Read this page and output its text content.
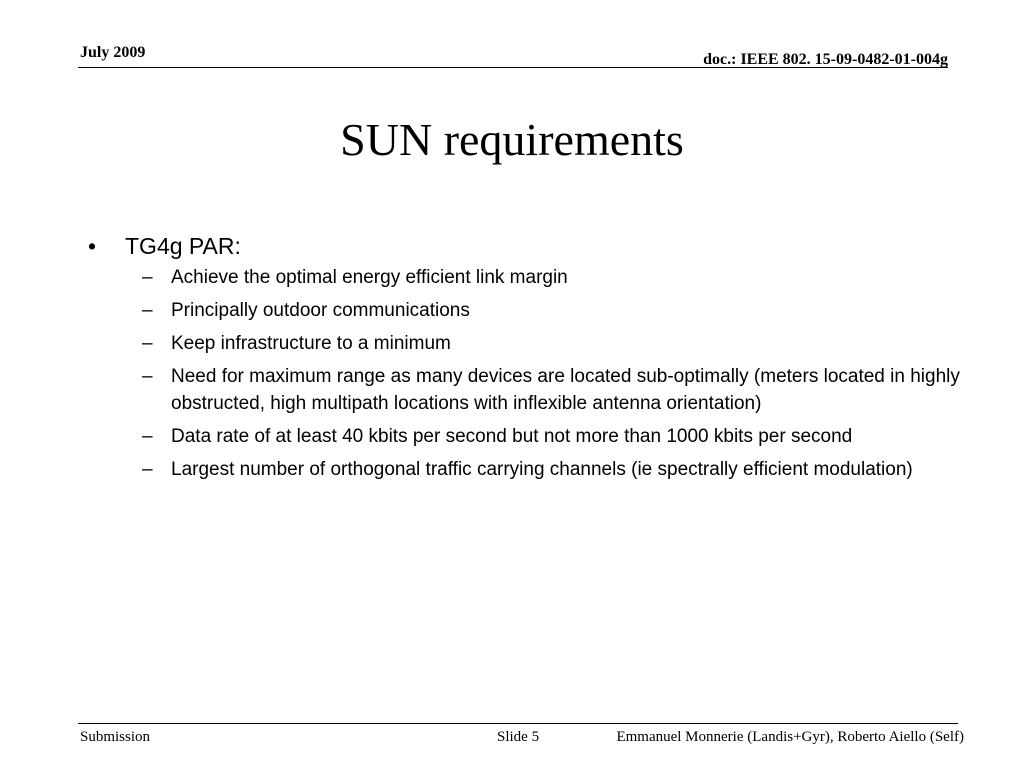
July 2009	doc.: IEEE 802. 15-09-0482-01-004g
SUN requirements
• TG4g PAR:
– Achieve the optimal energy efficient link margin
– Principally outdoor communications
– Keep infrastructure to a minimum
– Need for maximum range as many devices are located sub-optimally (meters located in highly obstructed, high multipath locations with inflexible antenna orientation)
– Data rate of at least 40 kbits per second but not more than 1000 kbits per second
– Largest number of orthogonal traffic carrying channels (ie spectrally efficient modulation)
Submission	Slide 5	Emmanuel Monnerie (Landis+Gyr), Roberto Aiello (Self)
